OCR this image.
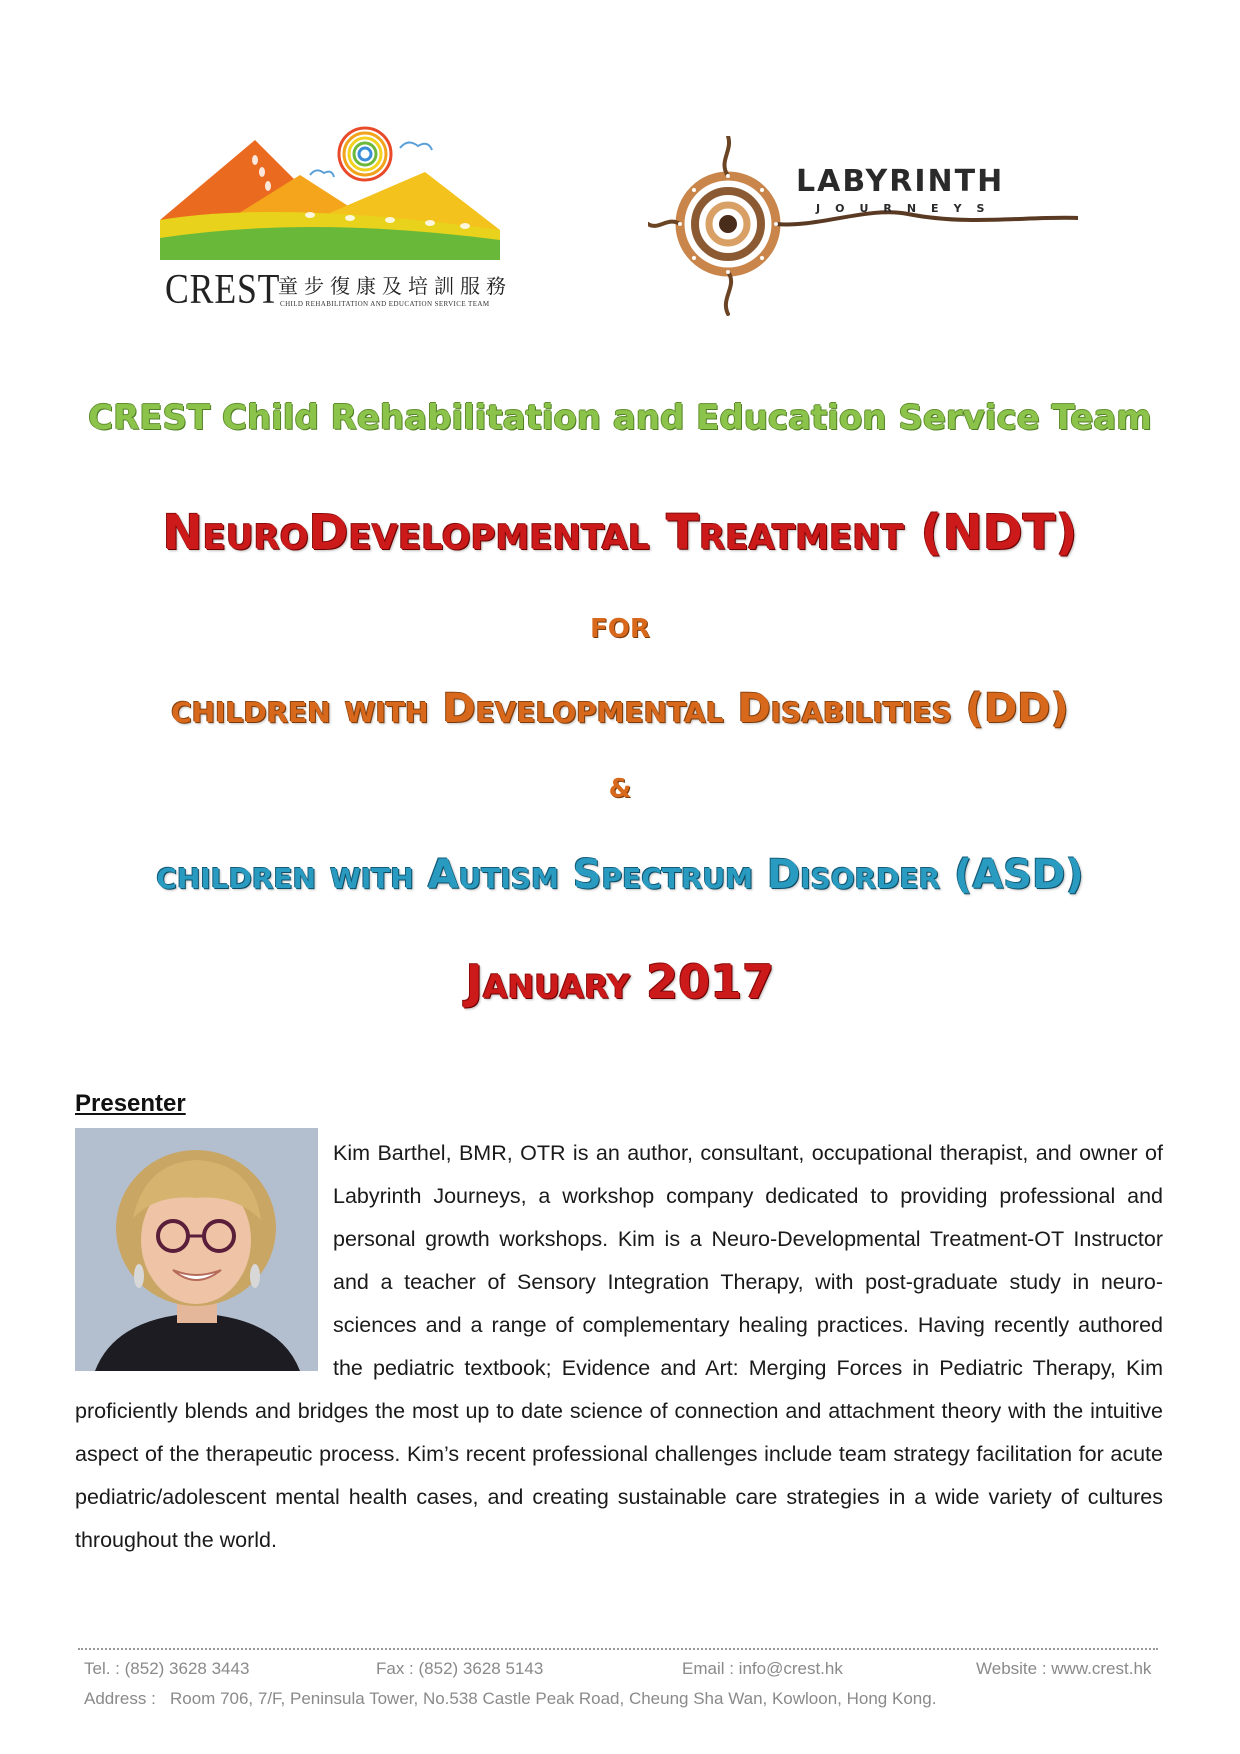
CREST
童步復康及培訓服務
CHILD REHABILITATION AND EDUCATION SERVICE TEAM
LABYRINTH
JOURNEYS
CREST Child Rehabilitation and Education Service Team
NeuroDevelopmental Treatment (NDT)
FOR
children with Developmental Disabilities (DD)
&
children with Autism Spectrum Disorder (ASD)
January 2017
Presenter
Kim Barthel, BMR, OTR is an author, consultant, occupational therapist, and owner of Labyrinth Journeys, a workshop company dedicated to providing professional and personal growth workshops. Kim is a Neuro-Developmental Treatment-OT Instructor and a teacher of Sensory Integration Therapy, with post-graduate study in neuro-sciences and a range of complementary healing practices. Having recently authored the pediatric textbook; Evidence and Art: Merging Forces in Pediatric Therapy, Kim proficiently blends and bridges the most up to date science of connection and attachment theory with the intuitive aspect of the therapeutic process. Kim’s recent professional challenges include team strategy facilitation for acute pediatric/adolescent mental health cases, and creating sustainable care strategies in a wide variety of cultures throughout the world.
Tel. : (852) 3628 3443	Fax : (852) 3628 5143	Email : info@crest.hk	Website : www.crest.hk
Address : Room 706, 7/F, Peninsula Tower, No.538 Castle Peak Road, Cheung Sha Wan, Kowloon, Hong Kong.
